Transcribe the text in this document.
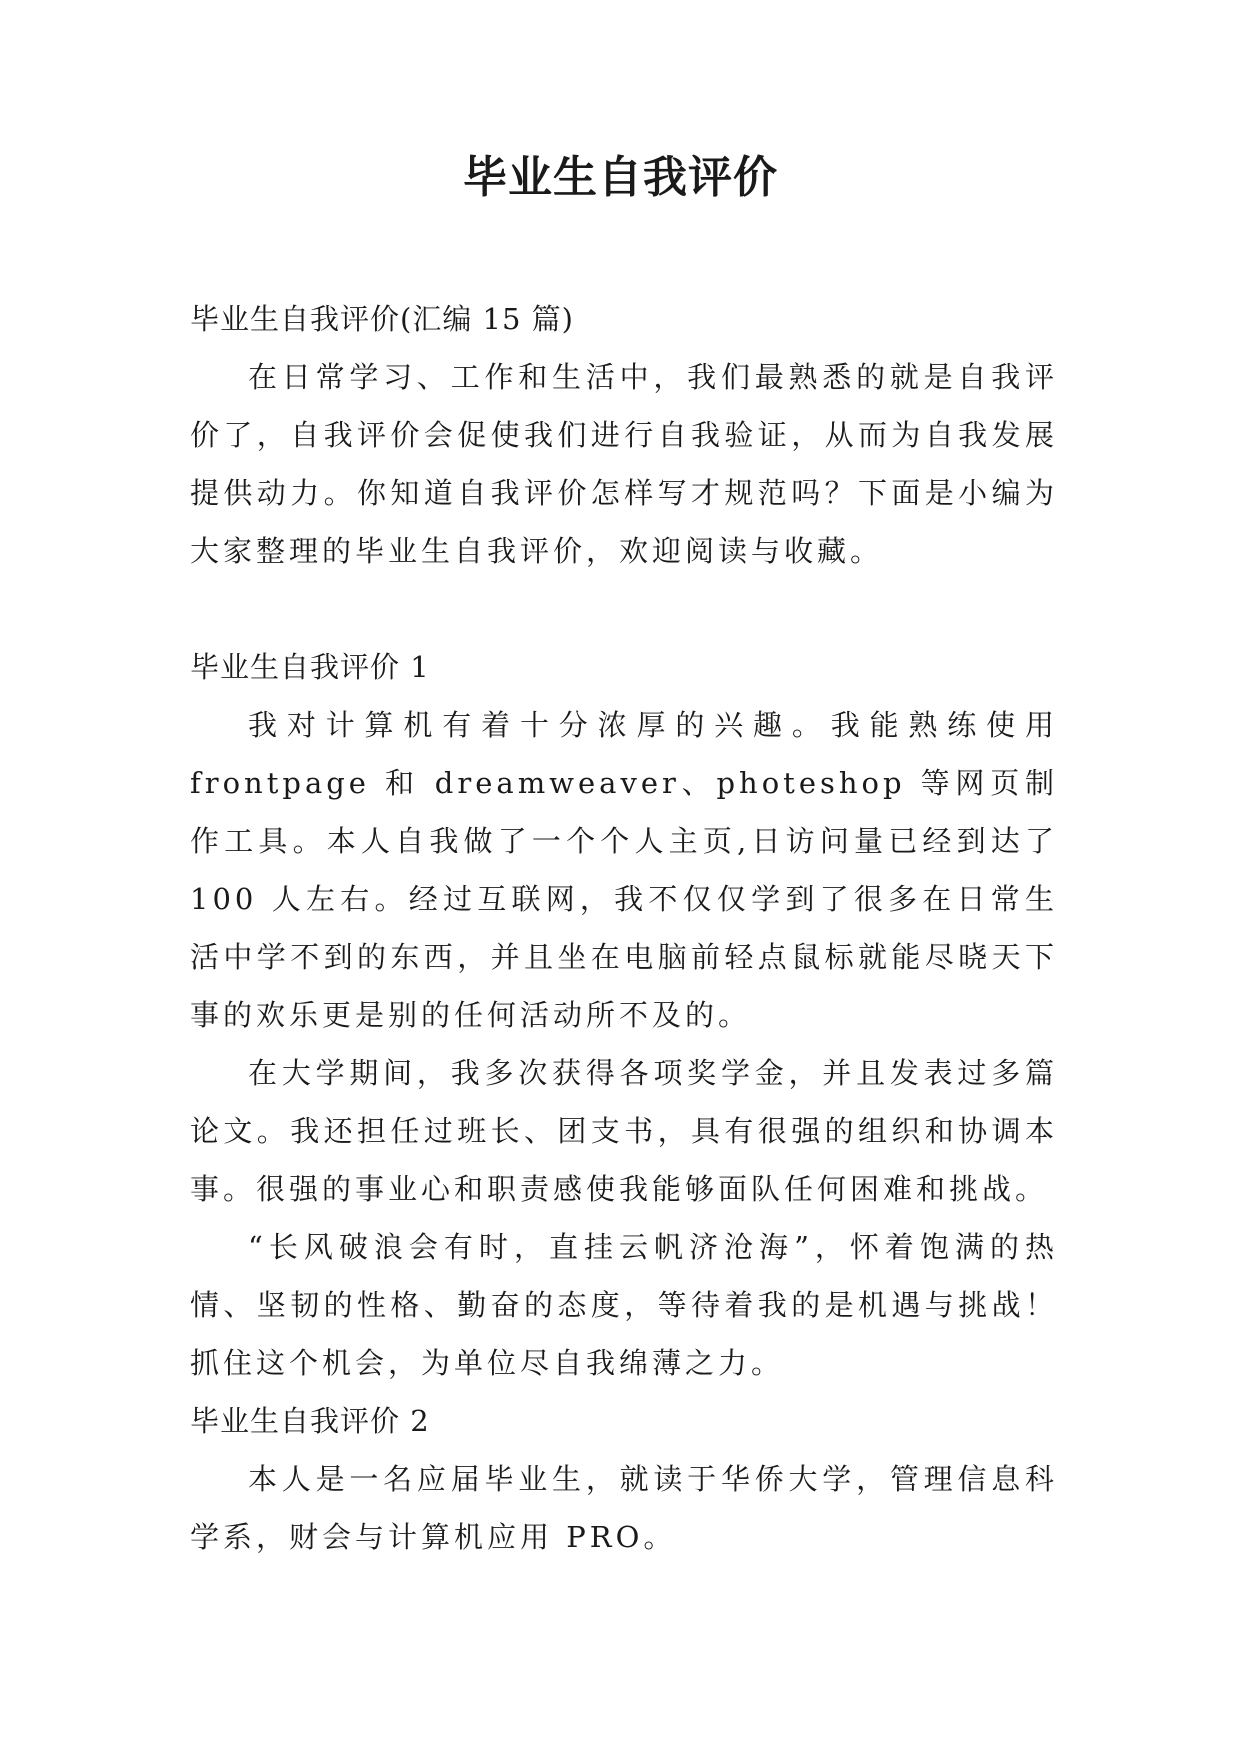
毕业生自我评价

毕业生自我评价(汇编 15 篇)

在日常学习、工作和生活中，我们最熟悉的就是自我评价了，自我评价会促使我们进行自我验证，从而为自我发展提供动力。你知道自我评价怎样写才规范吗？下面是小编为大家整理的毕业生自我评价，欢迎阅读与收藏。

毕业生自我评价 1

我对计算机有着十分浓厚的兴趣。我能熟练使用 frontpage 和 dreamweaver、photeshop 等网页制作工具。本人自我做了一个个人主页,日访问量已经到达了 100 人左右。经过互联网，我不仅仅学到了很多在日常生活中学不到的东西，并且坐在电脑前轻点鼠标就能尽晓天下事的欢乐更是别的任何活动所不及的。

在大学期间，我多次获得各项奖学金，并且发表过多篇论文。我还担任过班长、团支书，具有很强的组织和协调本事。很强的事业心和职责感使我能够面队任何困难和挑战。

“长风破浪会有时，直挂云帆济沧海”，怀着饱满的热情、坚韧的性格、勤奋的态度，等待着我的是机遇与挑战！抓住这个机会，为单位尽自我绵薄之力。

毕业生自我评价 2

本人是一名应届毕业生，就读于华侨大学，管理信息科学系，财会与计算机应用 PRO。
